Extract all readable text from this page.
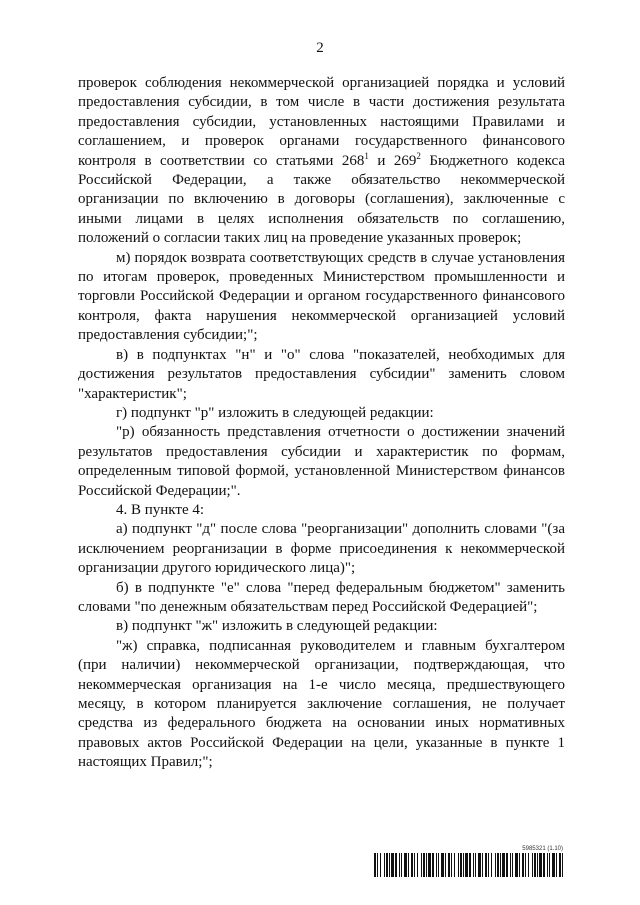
2

проверок соблюдения некоммерческой организацией порядка и условий предоставления субсидии, в том числе в части достижения результата предоставления субсидии, установленных настоящими Правилами и соглашением, и проверок органами государственного финансового контроля в соответствии со статьями $268^1$ и $269^2$ Бюджетного кодекса Российской Федерации, а также обязательство некоммерческой организации по включению в договоры (соглашения), заключенные с иными лицами в целях исполнения обязательств по соглашению, положений о согласии таких лиц на проведение указанных проверок;

м) порядок возврата соответствующих средств в случае установления по итогам проверок, проведенных Министерством промышленности и торговли Российской Федерации и органом государственного финансового контроля, факта нарушения некоммерческой организацией условий предоставления субсидии;";

в) в подпунктах "н" и "о" слова "показателей, необходимых для достижения результатов предоставления субсидии" заменить словом "характеристик";

г) подпункт "р" изложить в следующей редакции:

"р) обязанность представления отчетности о достижении значений результатов предоставления субсидии и характеристик по формам, определенным типовой формой, установленной Министерством финансов Российской Федерации;".

4. В пункте 4:

а) подпункт "д" после слова "реорганизации" дополнить словами "(за исключением реорганизации в форме присоединения к некоммерческой организации другого юридического лица)";

б) в подпункте "е" слова "перед федеральным бюджетом" заменить словами "по денежным обязательствам перед Российской Федерацией";

в) подпункт "ж" изложить в следующей редакции:

"ж) справка, подписанная руководителем и главным бухгалтером (при наличии) некоммерческой организации, подтверждающая, что некоммерческая организация на 1-е число месяца, предшествующего месяцу, в котором планируется заключение соглашения, не получает средства из федерального бюджета на основании иных нормативных правовых актов Российской Федерации на цели, указанные в пункте 1 настоящих Правил;";

5985321 (1.10)
